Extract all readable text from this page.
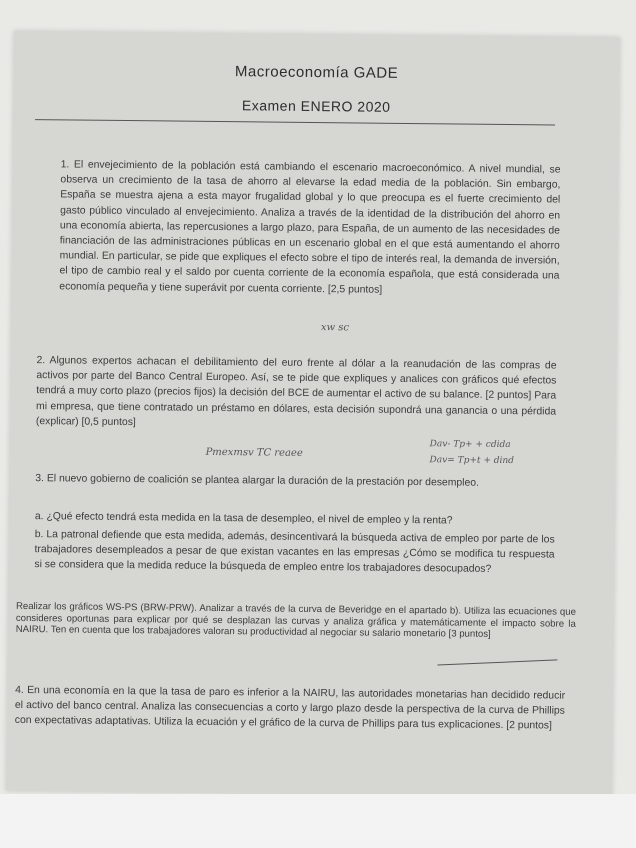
Macroeconomía GADE
Examen ENERO 2020
1. El envejecimiento de la población está cambiando el escenario macroeconómico. A nivel mundial, se observa un crecimiento de la tasa de ahorro al elevarse la edad media de la población. Sin embargo, España se muestra ajena a esta mayor frugalidad global y lo que preocupa es el fuerte crecimiento del gasto público vinculado al envejecimiento. Analiza a través de la identidad de la distribución del ahorro en una economía abierta, las repercusiones a largo plazo, para España, de un aumento de las necesidades de financiación de las administraciones públicas en un escenario global en el que está aumentando el ahorro mundial. En particular, se pide que expliques el efecto sobre el tipo de interés real, la demanda de inversión, el tipo de cambio real y el saldo por cuenta corriente de la economía española, que está considerada una economía pequeña y tiene superávit por cuenta corriente. [2,5 puntos]
xw sc
2. Algunos expertos achacan el debilitamiento del euro frente al dólar a la reanudación de las compras de activos por parte del Banco Central Europeo. Así, se te pide que expliques y analices con gráficos qué efectos tendrá a muy corto plazo (precios fijos) la decisión del BCE de aumentar el activo de su balance. [2 puntos] Para mi empresa, que tiene contratado un préstamo en dólares, esta decisión supondrá una ganancia o una pérdida (explicar) [0,5 puntos]
Pmexmsv TC reaee
Dav- Tp+ + cdida
Dav= Tp+t + dind
3. El nuevo gobierno de coalición se plantea alargar la duración de la prestación por desempleo.
a. ¿Qué efecto tendrá esta medida en la tasa de desempleo, el nivel de empleo y la renta?
b. La patronal defiende que esta medida, además, desincentivará la búsqueda activa de empleo por parte de los trabajadores desempleados a pesar de que existan vacantes en las empresas ¿Cómo se modifica tu respuesta si se considera que la medida reduce la búsqueda de empleo entre los trabajadores desocupados?
Realizar los gráficos WS-PS (BRW-PRW). Analizar a través de la curva de Beveridge en el apartado b). Utiliza las ecuaciones que consideres oportunas para explicar por qué se desplazan las curvas y analiza gráfica y matemáticamente el impacto sobre la NAIRU. Ten en cuenta que los trabajadores valoran su productividad al negociar su salario monetario [3 puntos]
4. En una economía en la que la tasa de paro es inferior a la NAIRU, las autoridades monetarias han decidido reducir el activo del banco central. Analiza las consecuencias a corto y largo plazo desde la perspectiva de la curva de Phillips con expectativas adaptativas. Utiliza la ecuación y el gráfico de la curva de Phillips para tus explicaciones. [2 puntos]
